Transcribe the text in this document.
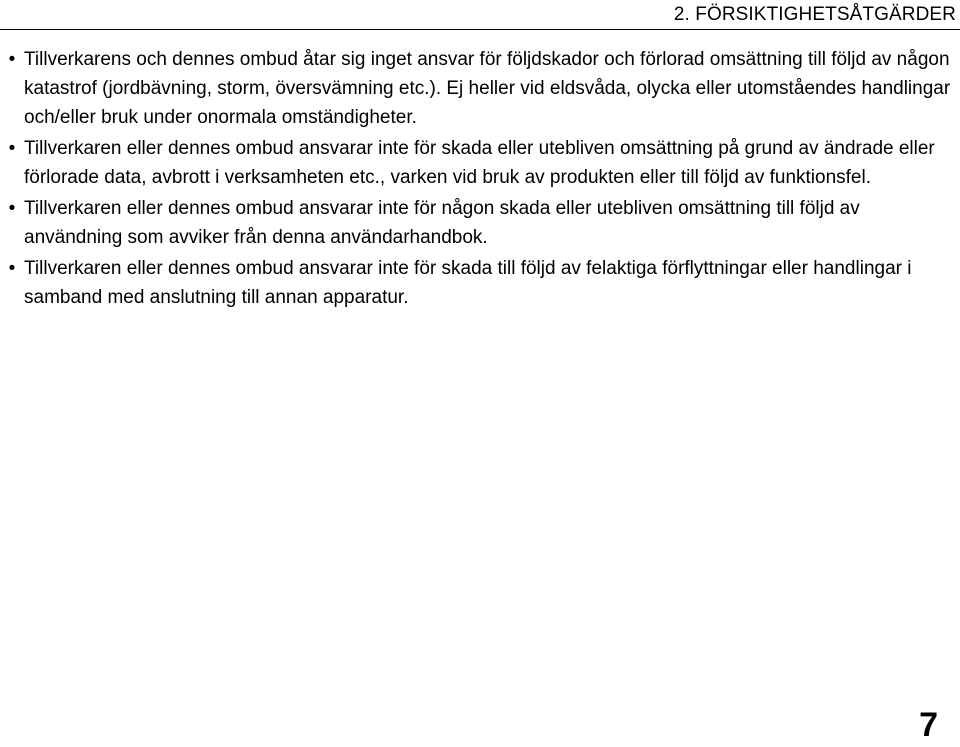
2. FÖRSIKTIGHETSÅTGÄRDER
• Tillverkarens och dennes ombud åtar sig inget ansvar för följdskador och förlorad omsättning till följd av någon katastrof (jordbävning, storm, översvämning etc.). Ej heller vid eldsvåda, olycka eller utomståendes handlingar och/eller bruk under onormala omständigheter.
• Tillverkaren eller dennes ombud ansvarar inte för skada eller utebliven omsättning på grund av ändrade eller förlorade data, avbrott i verksamheten etc., varken vid bruk av produkten eller till följd av funktionsfel.
• Tillverkaren eller dennes ombud ansvarar inte för någon skada eller utebliven omsättning till följd av användning som avviker från denna användarhandbok.
• Tillverkaren eller dennes ombud ansvarar inte för skada till följd av felaktiga förflyttningar eller handlingar i samband med anslutning till annan apparatur.
7
